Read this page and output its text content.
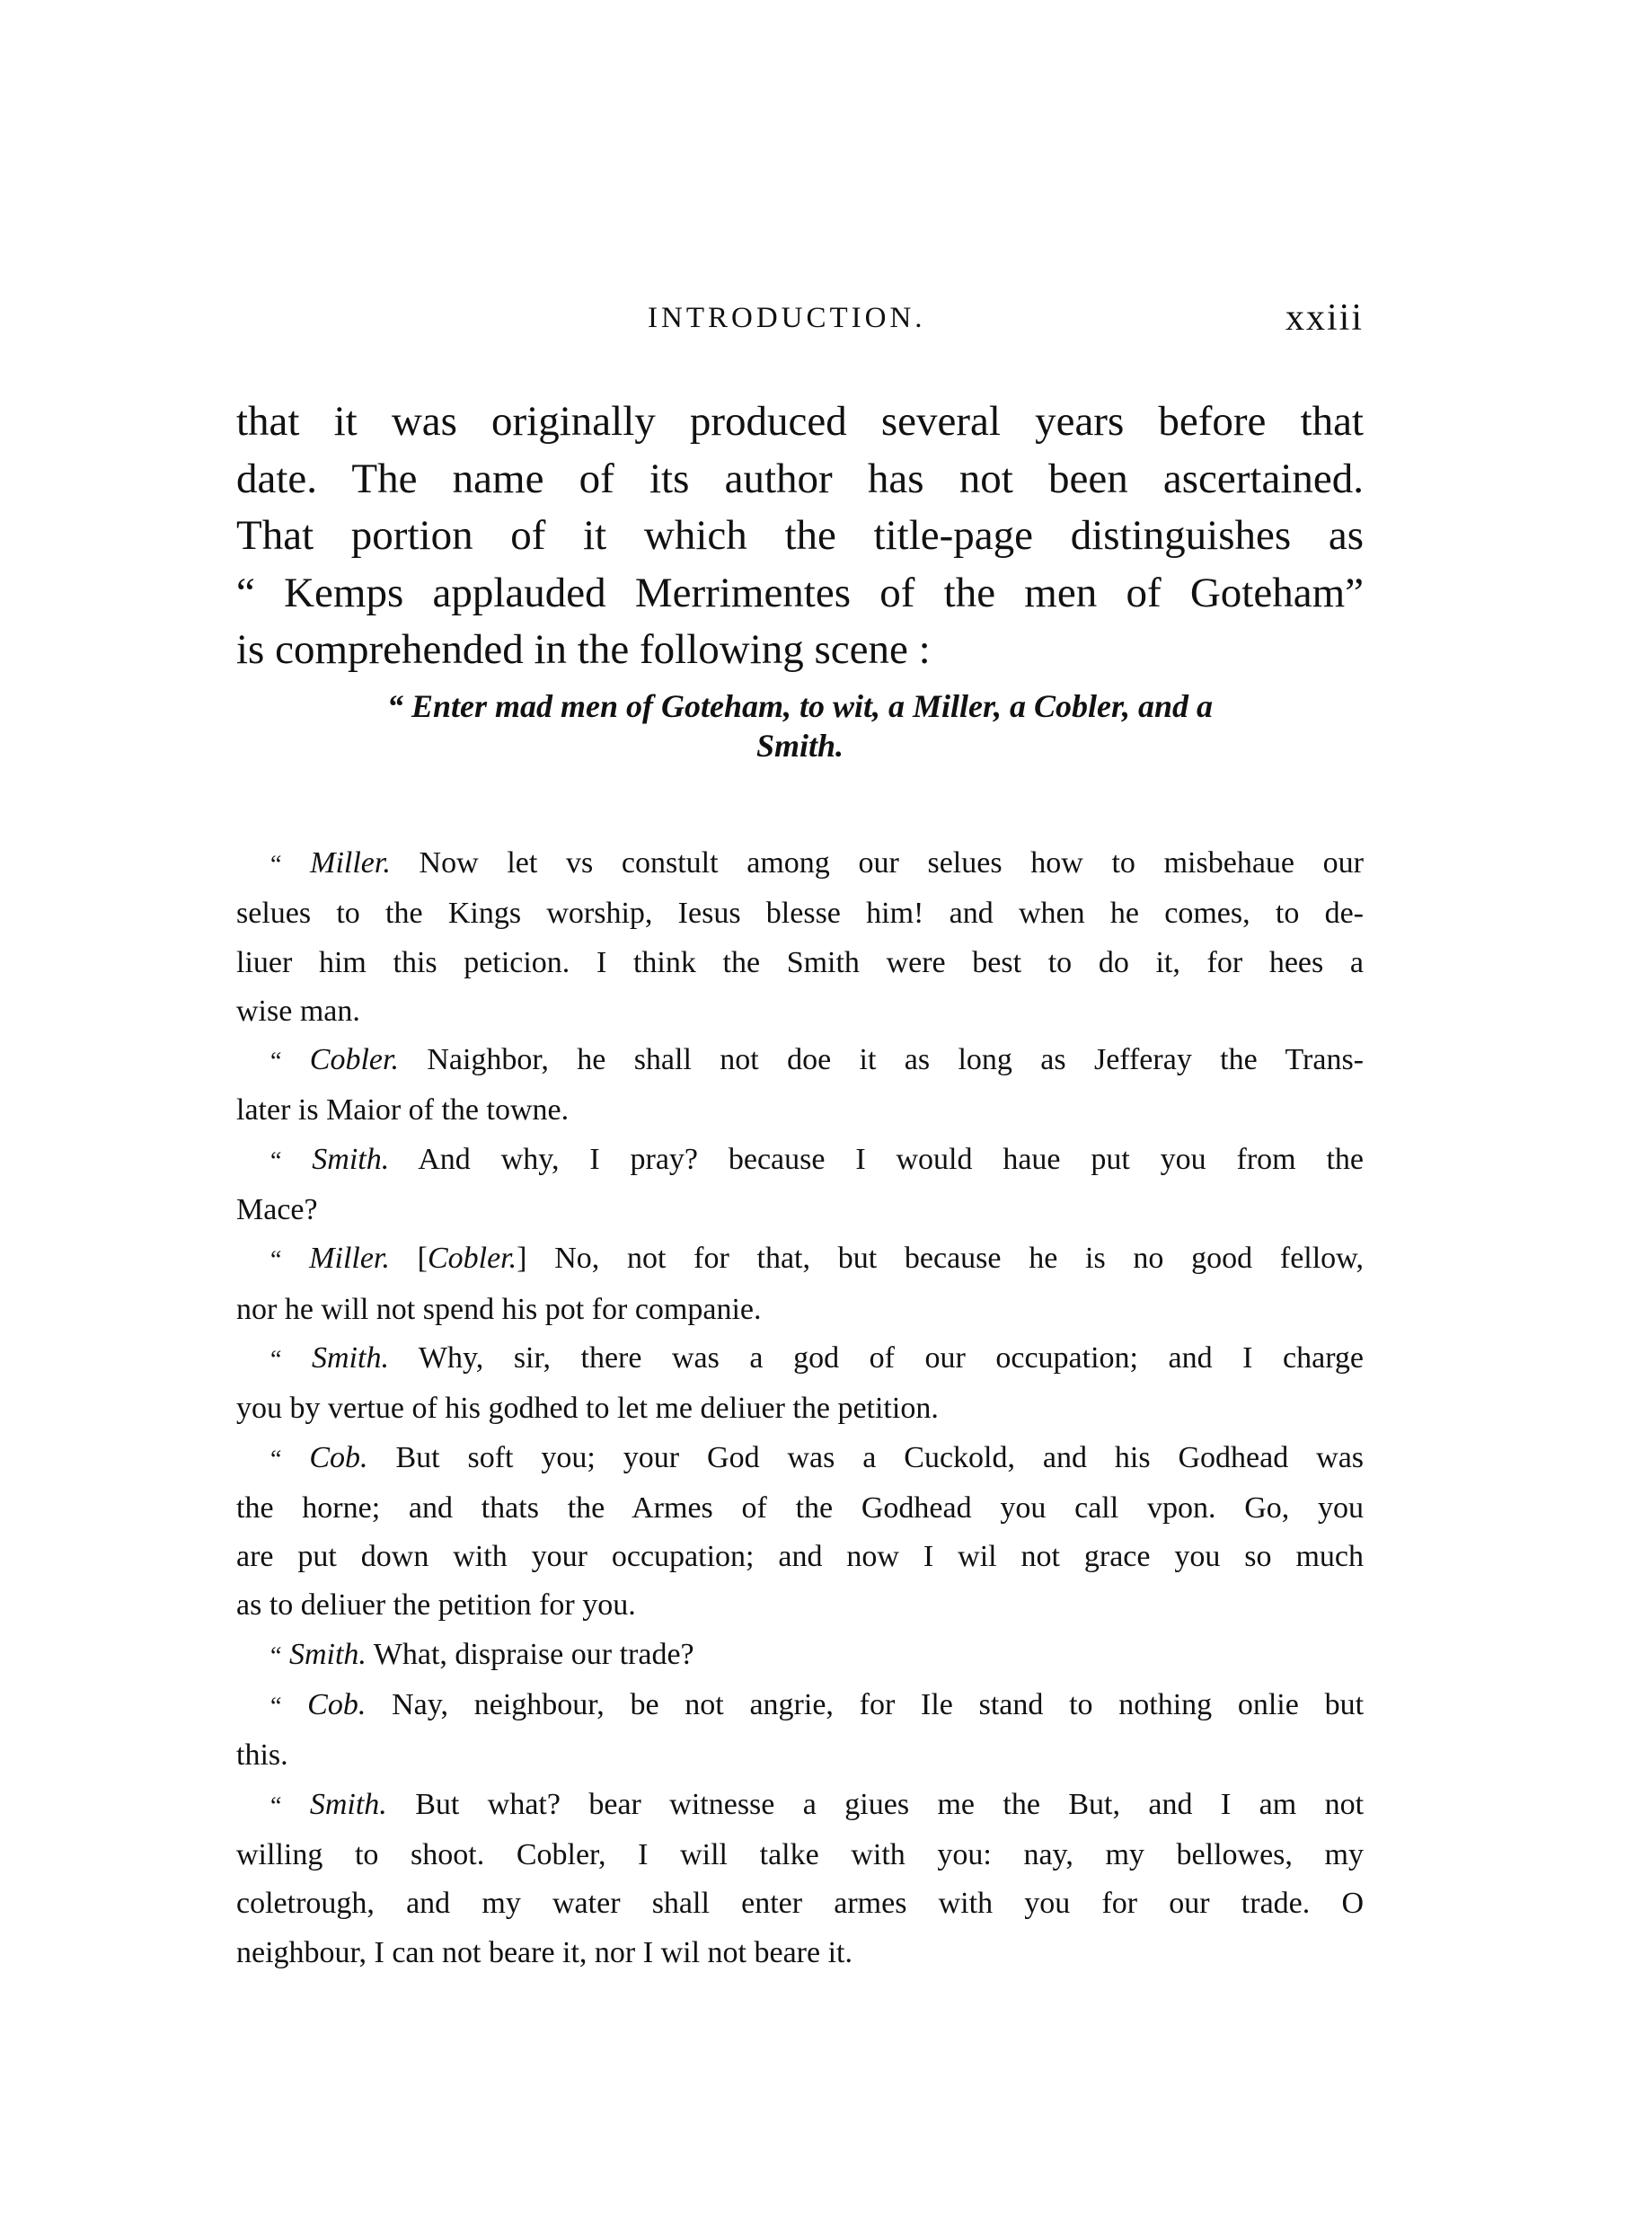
INTRODUCTION.	xxiii
that it was originally produced several years before that
date. The name of its author has not been ascertained.
That portion of it which the title-page distinguishes as
“ Kemps applauded Merrimentes of the men of Goteham”
is comprehended in the following scene :
“ Enter mad men of Goteham, to wit, a Miller, a Cobler, and a
Smith.
“ Miller. Now let vs constult among our selues how to misbehaue our
selues to the Kings worship, Iesus blesse him! and when he comes, to de-
liuer him this peticion. I think the Smith were best to do it, for hees a
wise man.
“ Cobler. Naighbor, he shall not doe it as long as Jefferay the Trans-
later is Maior of the towne.
“ Smith. And why, I pray? because I would haue put you from the
Mace?
“ Miller. [Cobler.] No, not for that, but because he is no good fellow,
nor he will not spend his pot for companie.
“ Smith. Why, sir, there was a god of our occupation; and I charge
you by vertue of his godhed to let me deliuer the petition.
“ Cob. But soft you; your God was a Cuckold, and his Godhead was
the horne; and thats the Armes of the Godhead you call vpon. Go, you
are put down with your occupation; and now I wil not grace you so much
as to deliuer the petition for you.
“ Smith. What, dispraise our trade?
“ Cob. Nay, neighbour, be not angrie, for Ile stand to nothing onlie but
this.
“ Smith. But what? bear witnesse a giues me the But, and I am not
willing to shoot. Cobler, I will talke with you: nay, my bellowes, my
coletrough, and my water shall enter armes with you for our trade. O
neighbour, I can not beare it, nor I wil not beare it.
